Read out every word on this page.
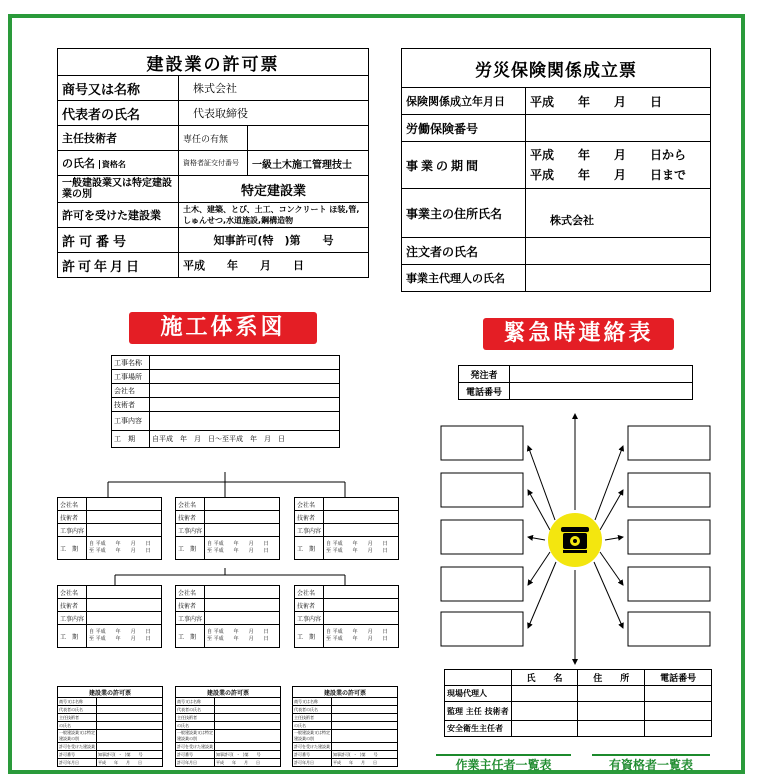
建設業の許可票		
商号又は名称	株式会社	
代表者の氏名	代表取締役	
主任技術者	専任の有無	
の氏名 資格名	資格者証交付番号	一級土木施工管理技士
一般建設業又は特定建設業の別	特定建設業	
許可を受けた建設業	土木、建築、とび、土工、コンクリート ほ装,管,しゅんせつ,水道施設,鋼構造物	
許可番号	知事許可(特　)第　　号	
許可年月日	平成　　年　　月　　日	
労災保険関係成立票	
保険関係成立年月日	平成　　年　　月　　日
労働保険番号	
事業の期間	平成　　年　　月　　日から
平成　　年　　月　　日まで

事業主の住所氏名	株式会社
注文者の氏名	
事業主代理人の氏名	
施工体系図
工事名称	
工事場所	
会社名	
技術者	
工事内容	
工　期	自平成　年　月　日〜至平成　年　月　日
会社名	
技術者	
工事内容	
工　期	自 平成　　年　　月　　日
至 平成　　年　　月　　日
会社名	
技術者	
工事内容	
工　期	自 平成　　年　　月　　日
至 平成　　年　　月　　日
会社名	
技術者	
工事内容	
工　期	自 平成　　年　　月　　日
至 平成　　年　　月　　日
会社名	
技術者	
工事内容	
工　期	自 平成　　年　　月　　日
至 平成　　年　　月　　日
会社名	
技術者	
工事内容	
工　期	自 平成　　年　　月　　日
至 平成　　年　　月　　日
会社名	
技術者	
工事内容	
工　期	自 平成　　年　　月　　日
至 平成　　年　　月　　日
建設業の許可票	
商号又は名称	
代表者の氏名	
主任技術者	
の氏名	
一般建設業又は特定建設業の別	
許可を受けた建設業	
許可番号	知事許可(　-　)第　　号
許可年月日	平成　　年　　月　　日
建設業の許可票	
商号又は名称	
代表者の氏名	
主任技術者	
の氏名	
一般建設業又は特定建設業の別	
許可を受けた建設業	
許可番号	知事許可(　-　)第　　号
許可年月日	平成　　年　　月　　日
建設業の許可票	
商号又は名称	
代表者の氏名	
主任技術者	
の氏名	
一般建設業又は特定建設業の別	
許可を受けた建設業	
許可番号	知事許可(　-　)第　　号
許可年月日	平成　　年　　月　　日
緊急時連絡表
発注者	
電話番号	
	氏　　名	住　　所	電話番号
現場代理人			
監理 主任 技術者			
安全衛生主任者			
作業主任者一覧表	有資格者一覧表
